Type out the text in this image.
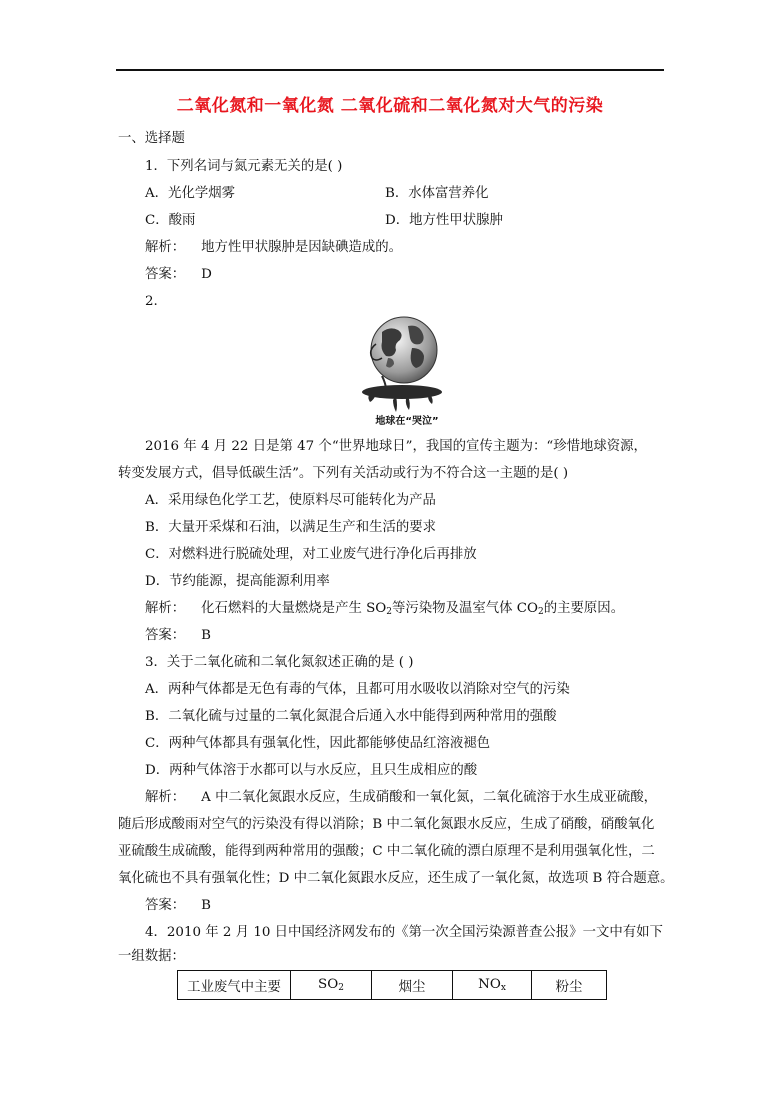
二氧化氮和一氧化氮 二氧化硫和二氧化氮对大气的污染
一、选择题
1．下列名词与氮元素无关的是( )
A．光化学烟雾	B．水体富营养化
C．酸雨	D．地方性甲状腺肿
解析： 地方性甲状腺肿是因缺碘造成的。
答案： D
2.
地球在“哭泣”
2016 年 4 月 22 日是第 47 个“世界地球日”，我国的宣传主题为：“珍惜地球资源，
转变发展方式，倡导低碳生活”。下列有关活动或行为不符合这一主题的是( )
A．采用绿色化学工艺，使原料尽可能转化为产品
B．大量开采煤和石油，以满足生产和生活的要求
C．对燃料进行脱硫处理，对工业废气进行净化后再排放
D．节约能源，提高能源利用率
解析： 化石燃料的大量燃烧是产生 $SO_2$等污染物及温室气体 $CO_2$的主要原因。
答案： B
3．关于二氧化硫和二氧化氮叙述正确的是 ( )
A．两种气体都是无色有毒的气体，且都可用水吸收以消除对空气的污染
B．二氧化硫与过量的二氧化氮混合后通入水中能得到两种常用的强酸
C．两种气体都具有强氧化性，因此都能够使品红溶液褪色
D．两种气体溶于水都可以与水反应，且只生成相应的酸
解析： A 中二氧化氮跟水反应，生成硝酸和一氧化氮，二氧化硫溶于水生成亚硫酸，
随后形成酸雨对空气的污染没有得以消除；B 中二氧化氮跟水反应，生成了硝酸，硝酸氧化
亚硫酸生成硫酸，能得到两种常用的强酸；C 中二氧化硫的漂白原理不是利用强氧化性，二
氧化硫也不具有强氧化性；D 中二氧化氮跟水反应，还生成了一氧化氮，故选项 B 符合题意。
答案： B
4．2010 年 2 月 10 日中国经济网发布的《第一次全国污染源普查公报》一文中有如下
一组数据：
工业废气中主要	$SO_2$	烟尘	$NO_x$	粉尘
